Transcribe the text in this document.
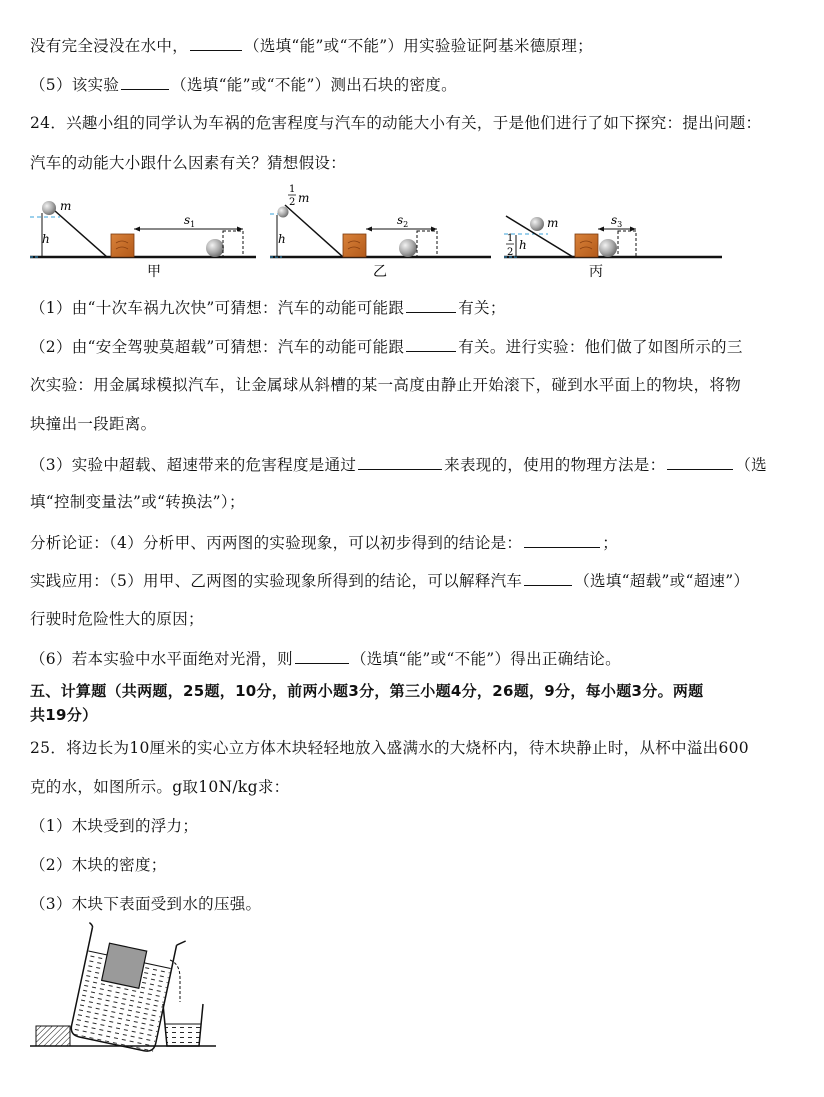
没有完全浸没在水中，	（选填“能”或“不能”）用实验验证阿基米德原理；
（5）该实验	（选填“能”或“不能”）测出石块的密度。
24．兴趣小组的同学认为车祸的危害程度与汽车的动能大小有关，于是他们进行了如下探究：提出问题：
汽车的动能大小跟什么因素有关？猜想假设：
m
h
$s_1$
甲
1
2 m
h
$s_2$
乙
m
1
2
h
$s_3$
丙
（1）由“十次车祸九次快”可猜想：汽车的动能可能跟	有关；
（2）由“安全驾驶莫超载”可猜想：汽车的动能可能跟	有关。进行实验：他们做了如图所示的三
次实验：用金属球模拟汽车，让金属球从斜槽的某一高度由静止开始滚下，碰到水平面上的物块，将物
块撞出一段距离。
（3）实验中超载、超速带来的危害程度是通过	来表现的，使用的物理方法是：	（选
填“控制变量法”或“转换法”）；
分析论证：（4）分析甲、丙两图的实验现象，可以初步得到的结论是：	；
实践应用：（5）用甲、乙两图的实验现象所得到的结论，可以解释汽车	（选填“超载”或“超速”）
行驶时危险性大的原因；
（6）若本实验中水平面绝对光滑，则	（选填“能”或“不能”）得出正确结论。
五、计算题（共两题，25题，10分，前两小题3分，第三小题4分，26题，9分，每小题3分。两题
共19分）
25．将边长为10厘米的实心立方体木块轻轻地放入盛满水的大烧杯内，待木块静止时，从杯中溢出600
克的水，如图所示。g取10N/kg求：
（1）木块受到的浮力；
（2）木块的密度；
（3）木块下表面受到水的压强。
